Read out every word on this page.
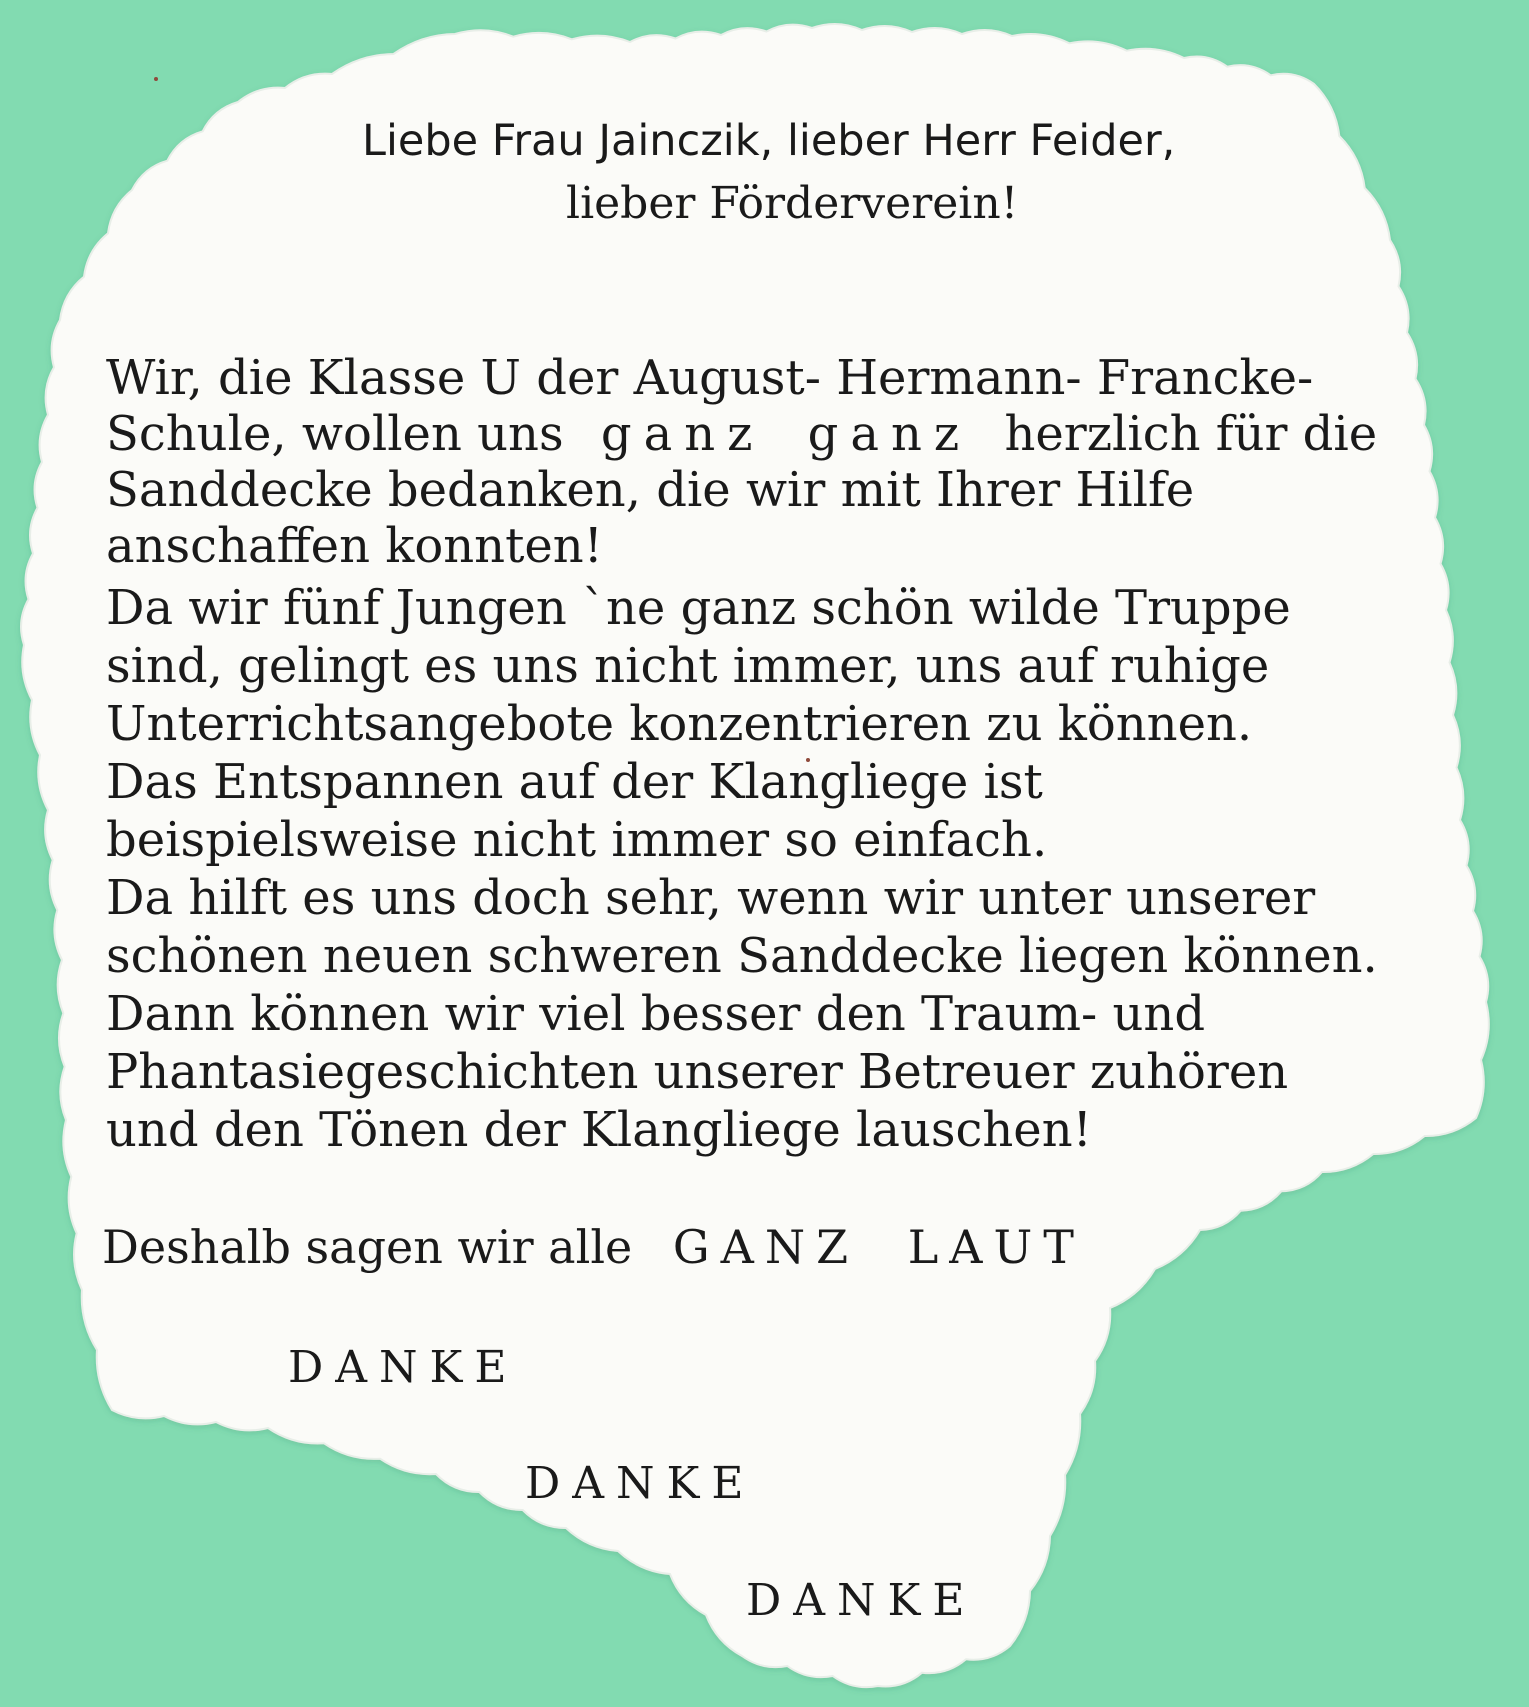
Liebe Frau Jainczik, lieber Herr Feider,

lieber Förderverein!

Wir, die Klasse U der August- Hermann- Francke-

Schule, wollen uns ganz ganz herzlich für die

Sanddecke bedanken, die wir mit Ihrer Hilfe

anschaffen konnten!

Da wir fünf Jungen `ne ganz schön wilde Truppe

sind, gelingt es uns nicht immer, uns auf ruhige

Unterrichtsangebote konzentrieren zu können.

Das Entspannen auf der Klangliege ist

beispielsweise nicht immer so einfach.

Da hilft es uns doch sehr, wenn wir unter unserer

schönen neuen schweren Sanddecke liegen können.

Dann können wir viel besser den Traum- und

Phantasiegeschichten unserer Betreuer zuhören

und den Tönen der Klangliege lauschen!

Deshalb sagen wir alle GANZ LAUT

DANKE

DANKE

DANKE
